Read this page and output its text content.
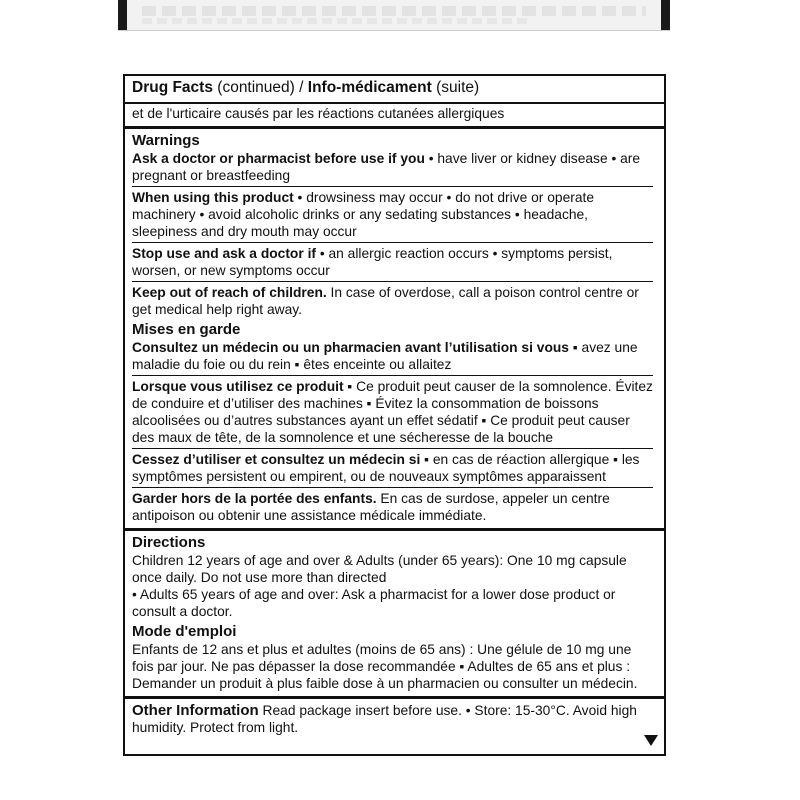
Drug Facts (continued) / Info-médicament (suite)
et de l'urticaire causés par les réactions cutanées allergiques
Warnings
Ask a doctor or pharmacist before use if you • have liver or kidney disease • are pregnant or breastfeeding
When using this product • drowsiness may occur • do not drive or operate machinery • avoid alcoholic drinks or any sedating substances • headache, sleepiness and dry mouth may occur
Stop use and ask a doctor if • an allergic reaction occurs • symptoms persist, worsen, or new symptoms occur
Keep out of reach of children. In case of overdose, call a poison control centre or get medical help right away.
Mises en garde
Consultez un médecin ou un pharmacien avant l’utilisation si vous ▪ avez une maladie du foie ou du rein ▪ êtes enceinte ou allaitez
Lorsque vous utilisez ce produit ▪ Ce produit peut causer de la somnolence. Évitez de conduire et d’utiliser des machines ▪ Évitez la consommation de boissons alcoolisées ou d’autres substances ayant un effet sédatif ▪ Ce produit peut causer des maux de tête, de la somnolence et une sécheresse de la bouche
Cessez d’utiliser et consultez un médecin si ▪ en cas de réaction allergique ▪ les symptômes persistent ou empirent, ou de nouveaux symptômes apparaissent
Garder hors de la portée des enfants. En cas de surdose, appeler un centre antipoison ou obtenir une assistance médicale immédiate.
Directions
Children 12 years of age and over & Adults (under 65 years): One 10 mg capsule once daily. Do not use more than directed
• Adults 65 years of age and over: Ask a pharmacist for a lower dose product or consult a doctor.
Mode d'emploi
Enfants de 12 ans et plus et adultes (moins de 65 ans) : Une gélule de 10 mg une fois par jour. Ne pas dépasser la dose recommandée ▪ Adultes de 65 ans et plus : Demander un produit à plus faible dose à un pharmacien ou consulter un médecin.
Other Information Read package insert before use. • Store: 15-30°C. Avoid high humidity. Protect from light.
